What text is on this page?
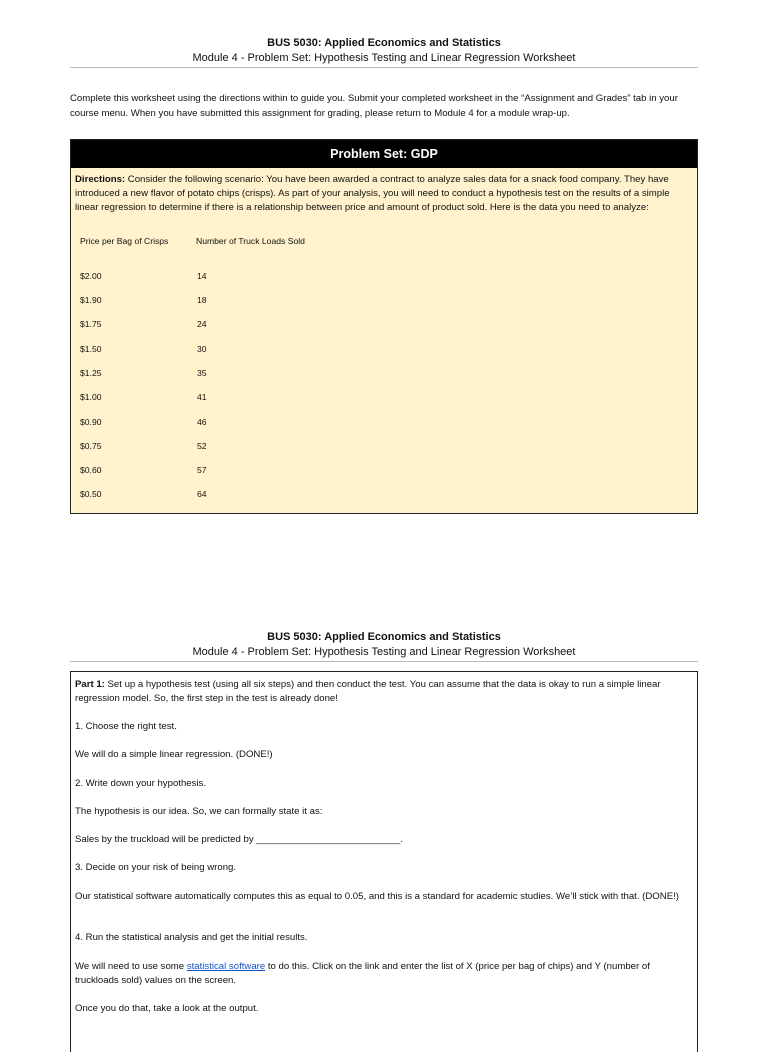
BUS 5030: Applied Economics and Statistics
Module 4 - Problem Set: Hypothesis Testing and Linear Regression Worksheet
Complete this worksheet using the directions within to guide you. Submit your completed worksheet in the “Assignment and Grades” tab in your course menu. When you have submitted this assignment for grading, please return to Module 4 for a module wrap-up.
Problem Set: GDP
Directions: Consider the following scenario: You have been awarded a contract to analyze sales data for a snack food company. They have introduced a new flavor of potato chips (crisps). As part of your analysis, you will need to conduct a hypothesis test on the results of a simple linear regression to determine if there is a relationship between price and amount of product sold. Here is the data you need to analyze:
Price per Bag of Crisps	Number of Truck Loads Sold
$2.00	14
$1.90	18
$1.75	24
$1.50	30
$1.25	35
$1.00	41
$0.90	46
$0.75	52
$0.60	57
$0.50	64
BUS 5030: Applied Economics and Statistics
Module 4 - Problem Set: Hypothesis Testing and Linear Regression Worksheet
Part 1: Set up a hypothesis test (using all six steps) and then conduct the test. You can assume that the data is okay to run a simple linear regression model. So, the first step in the test is already done!
1. Choose the right test.
We will do a simple linear regression. (DONE!)
2. Write down your hypothesis.
The hypothesis is our idea. So, we can formally state it as:
Sales by the truckload will be predicted by ___________________________.
3. Decide on your risk of being wrong.
Our statistical software automatically computes this as equal to 0.05, and this is a standard for academic studies. We’ll stick with that. (DONE!)
4. Run the statistical analysis and get the initial results.
We will need to use some statistical software to do this. Click on the link and enter the list of X (price per bag of chips) and Y (number of truckloads sold) values on the screen.
Once you do that, take a look at the output.
